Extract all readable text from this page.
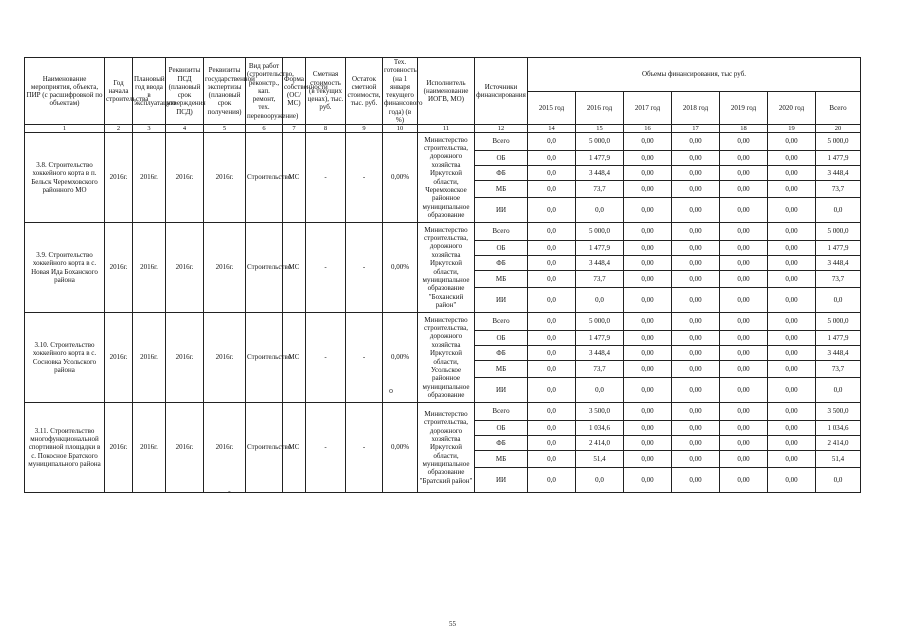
Наименование мероприятия, объекта, ПИР (с расшифровкой по объектам)	Год начала строительства	Плановый год ввода в эксплуатацию	Реквизиты ПСД (плановый срок утверждения ПСД)	Реквизиты государственной экспертизы (плановый срок получения)	Вид работ (строительство, реконстр., кап. ремонт, тех. перевооружение)	Форма собственности (ОС/МС)	Сметная стоимость (в текущих ценах), тыс. руб.	Остаток сметной стоимости, тыс. руб.	Тех. готовность (на 1 января текущего финансового года) (в %)	Исполнитель (наименование ИОГВ, МО)	Источники финансирования	Объемы финансирования, тыс руб.						
												2015 год	2016 год	2017 год	2018 год	2019 год	2020 год	Всего
1	2	3	4	5	6	7	8	9	10	11	12	14	15	16	17	18	19	20
3.8. Строительство хоккейного корта в п. Бельск Черемховского районного МО	2016г.	2016г.	2016г.	2016г.	Строительство	МС	-	-	0,00%	Министерство строительства, дорожного хозяйства Иркутской области, Черемховское районное муниципальное образование	Всего	0,0	5 000,0	0,00	0,00	0,00	0,00	5 000,0
											ОБ	0,0	1 477,9	0,00	0,00	0,00	0,00	1 477,9
											ФБ	0,0	3 448,4	0,00	0,00	0,00	0,00	3 448,4
											МБ	0,0	73,7	0,00	0,00	0,00	0,00	73,7
											ИИ	0,0	0,0	0,00	0,00	0,00	0,00	0,0
3.9. Строительство хоккейного корта в с. Новая Ида Боханского района	2016г.	2016г.	2016г.	2016г.	Строительство	МС	-	-	0,00%	Министерство строительства, дорожного хозяйства Иркутской области, муниципальное образование "Боханский район"	Всего	0,0	5 000,0	0,00	0,00	0,00	0,00	5 000,0
											ОБ	0,0	1 477,9	0,00	0,00	0,00	0,00	1 477,9
											ФБ	0,0	3 448,4	0,00	0,00	0,00	0,00	3 448,4
											МБ	0,0	73,7	0,00	0,00	0,00	0,00	73,7
											ИИ	0,0	0,0	0,00	0,00	0,00	0,00	0,0
3.10. Строительство хоккейного корта в с. Сосновка Усольского района	2016г.	2016г.	2016г.	2016г.	Строительство	МС	-	-	0,00%	Министерство строительства, дорожного хозяйства Иркутской области, Усольское районное муниципальное образование	Всего	0,0	5 000,0	0,00	0,00	0,00	0,00	5 000,0
											ОБ	0,0	1 477,9	0,00	0,00	0,00	0,00	1 477,9
											ФБ	0,0	3 448,4	0,00	0,00	0,00	0,00	3 448,4
											МБ	0,0	73,7	0,00	0,00	0,00	0,00	73,7
											ИИ	0,0	0,0	0,00	0,00	0,00	0,00	0,0
3.11. Строительство многофункциональной спортивной площадки в с. Покосное Братского муниципального района	2016г.	2016г.	2016г.	2016г.	Строительство	МС	-	-	0,00%	Министерство строительства, дорожного хозяйства Иркутской области, муниципальное образование "Братский район"	Всего	0,0	3 500,0	0,00	0,00	0,00	0,00	3 500,0
											ОБ	0,0	1 034,6	0,00	0,00	0,00	0,00	1 034,6
											ФБ	0,0	2 414,0	0,00	0,00	0,00	0,00	2 414,0
											МБ	0,0	51,4	0,00	0,00	0,00	0,00	51,4
											ИИ	0,0	0,0	0,00	0,00	0,00	0,00	0,0
o
-
55
